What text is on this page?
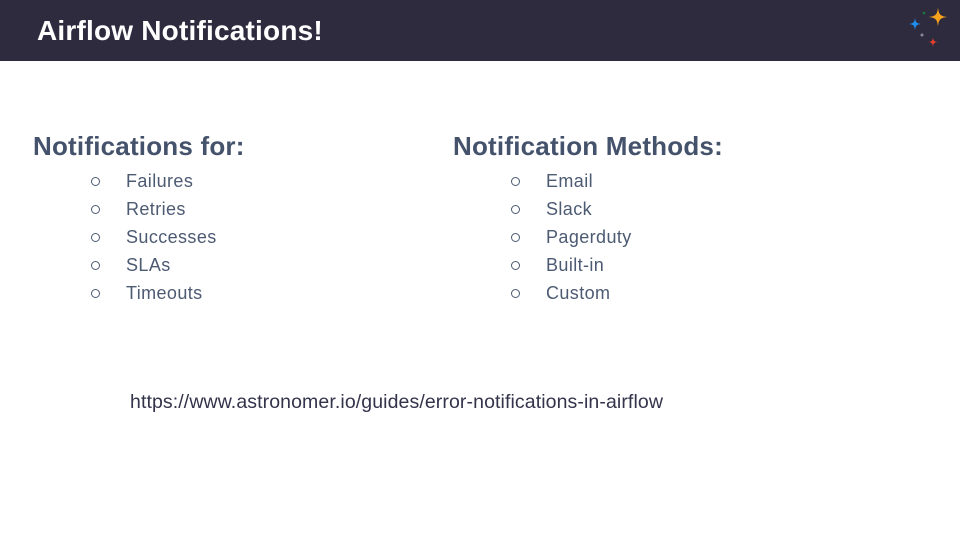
Airflow Notifications!
Notifications for:
Failures
Retries
Successes
SLAs
Timeouts
Notification Methods:
Email
Slack
Pagerduty
Built-in
Custom
https://www.astronomer.io/guides/error-notifications-in-airflow
